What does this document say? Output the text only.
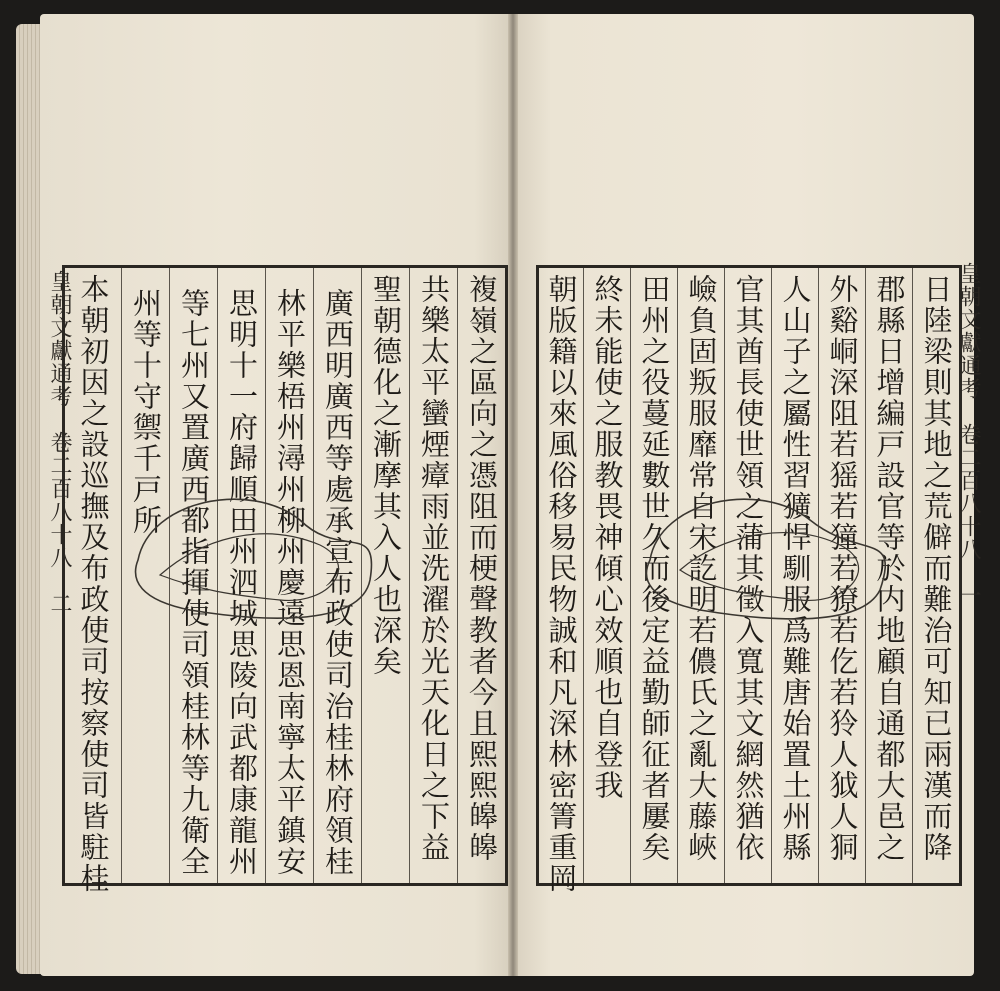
皇朝文獻通考　卷二百八十八　二	皇朝文獻通考　卷二百八十八　一
複嶺之區向之憑阻而梗聲教者今且熙熙皞皞
共樂太平蠻煙瘴雨並洗濯於光天化日之下益
聖朝德化之漸摩其入人也深矣
廣西明廣西等處承宣布政使司治桂林府領桂
林平樂梧州潯州柳州慶遠思恩南寧太平鎮安
思明十一府歸順田州泗城思陵向武都康龍州
等七州又置廣西都指揮使司領桂林等九衛全
州等十守禦千戸所
本朝初因之設巡撫及布政使司按察使司皆駐桂	日陸梁則其地之荒僻而難治可知已兩漢而降
郡縣日增編戸設官等於内地顧自通都大邑之
外谿峒深阻若猺若獞若獠若仡若狑人狘人狪
人山子之屬性習獷悍馴服爲難唐始置土州縣
官其酋長使世領之蒲其徵入寬其文網然猶依
嶮負固叛服靡常自宋訖明若儂氏之亂大藤峽
田州之役蔓延數世久而後定益勤師征者屢矣
終未能使之服教畏神傾心效順也自登我
朝版籍以來風俗移易民物誠和凡深林密箐重岡
